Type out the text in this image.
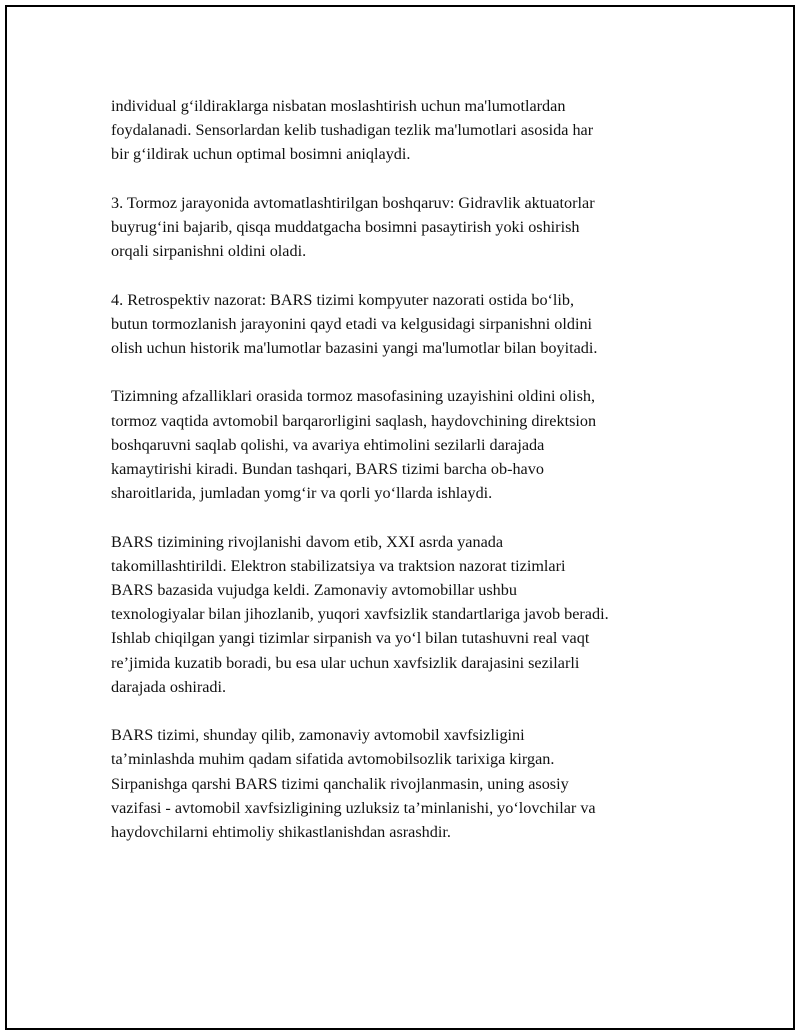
individual g‘ildiraklarga nisbatan moslashtirish uchun ma'lumotlardan
foydalanadi. Sensorlardan kelib tushadigan tezlik ma'lumotlari asosida har
bir g‘ildirak uchun optimal bosimni aniqlaydi.

3. Tormoz jarayonida avtomatlashtirilgan boshqaruv: Gidravlik aktuatorlar
buyrug‘ini bajarib, qisqa muddatgacha bosimni pasaytirish yoki oshirish
orqali sirpanishni oldini oladi.

4. Retrospektiv nazorat: BARS tizimi kompyuter nazorati ostida bo‘lib,
butun tormozlanish jarayonini qayd etadi va kelgusidagi sirpanishni oldini
olish uchun historik ma'lumotlar bazasini yangi ma'lumotlar bilan boyitadi.

Tizimning afzalliklari orasida tormoz masofasining uzayishini oldini olish,
tormoz vaqtida avtomobil barqarorligini saqlash, haydovchining direktsion
boshqaruvni saqlab qolishi, va avariya ehtimolini sezilarli darajada
kamaytirishi kiradi. Bundan tashqari, BARS tizimi barcha ob-havo
sharoitlarida, jumladan yomg‘ir va qorli yo‘llarda ishlaydi.

BARS tizimining rivojlanishi davom etib, XXI asrda yanada
takomillashtirildi. Elektron stabilizatsiya va traktsion nazorat tizimlari
BARS bazasida vujudga keldi. Zamonaviy avtomobillar ushbu
texnologiyalar bilan jihozlanib, yuqori xavfsizlik standartlariga javob beradi.
Ishlab chiqilgan yangi tizimlar sirpanish va yo‘l bilan tutashuvni real vaqt
re’jimida kuzatib boradi, bu esa ular uchun xavfsizlik darajasini sezilarli
darajada oshiradi.

BARS tizimi, shunday qilib, zamonaviy avtomobil xavfsizligini
ta’minlashda muhim qadam sifatida avtomobilsozlik tarixiga kirgan.
Sirpanishga qarshi BARS tizimi qanchalik rivojlanmasin, uning asosiy
vazifasi - avtomobil xavfsizligining uzluksiz ta’minlanishi, yo‘lovchilar va
haydovchilarni ehtimoliy shikastlanishdan asrashdir.
